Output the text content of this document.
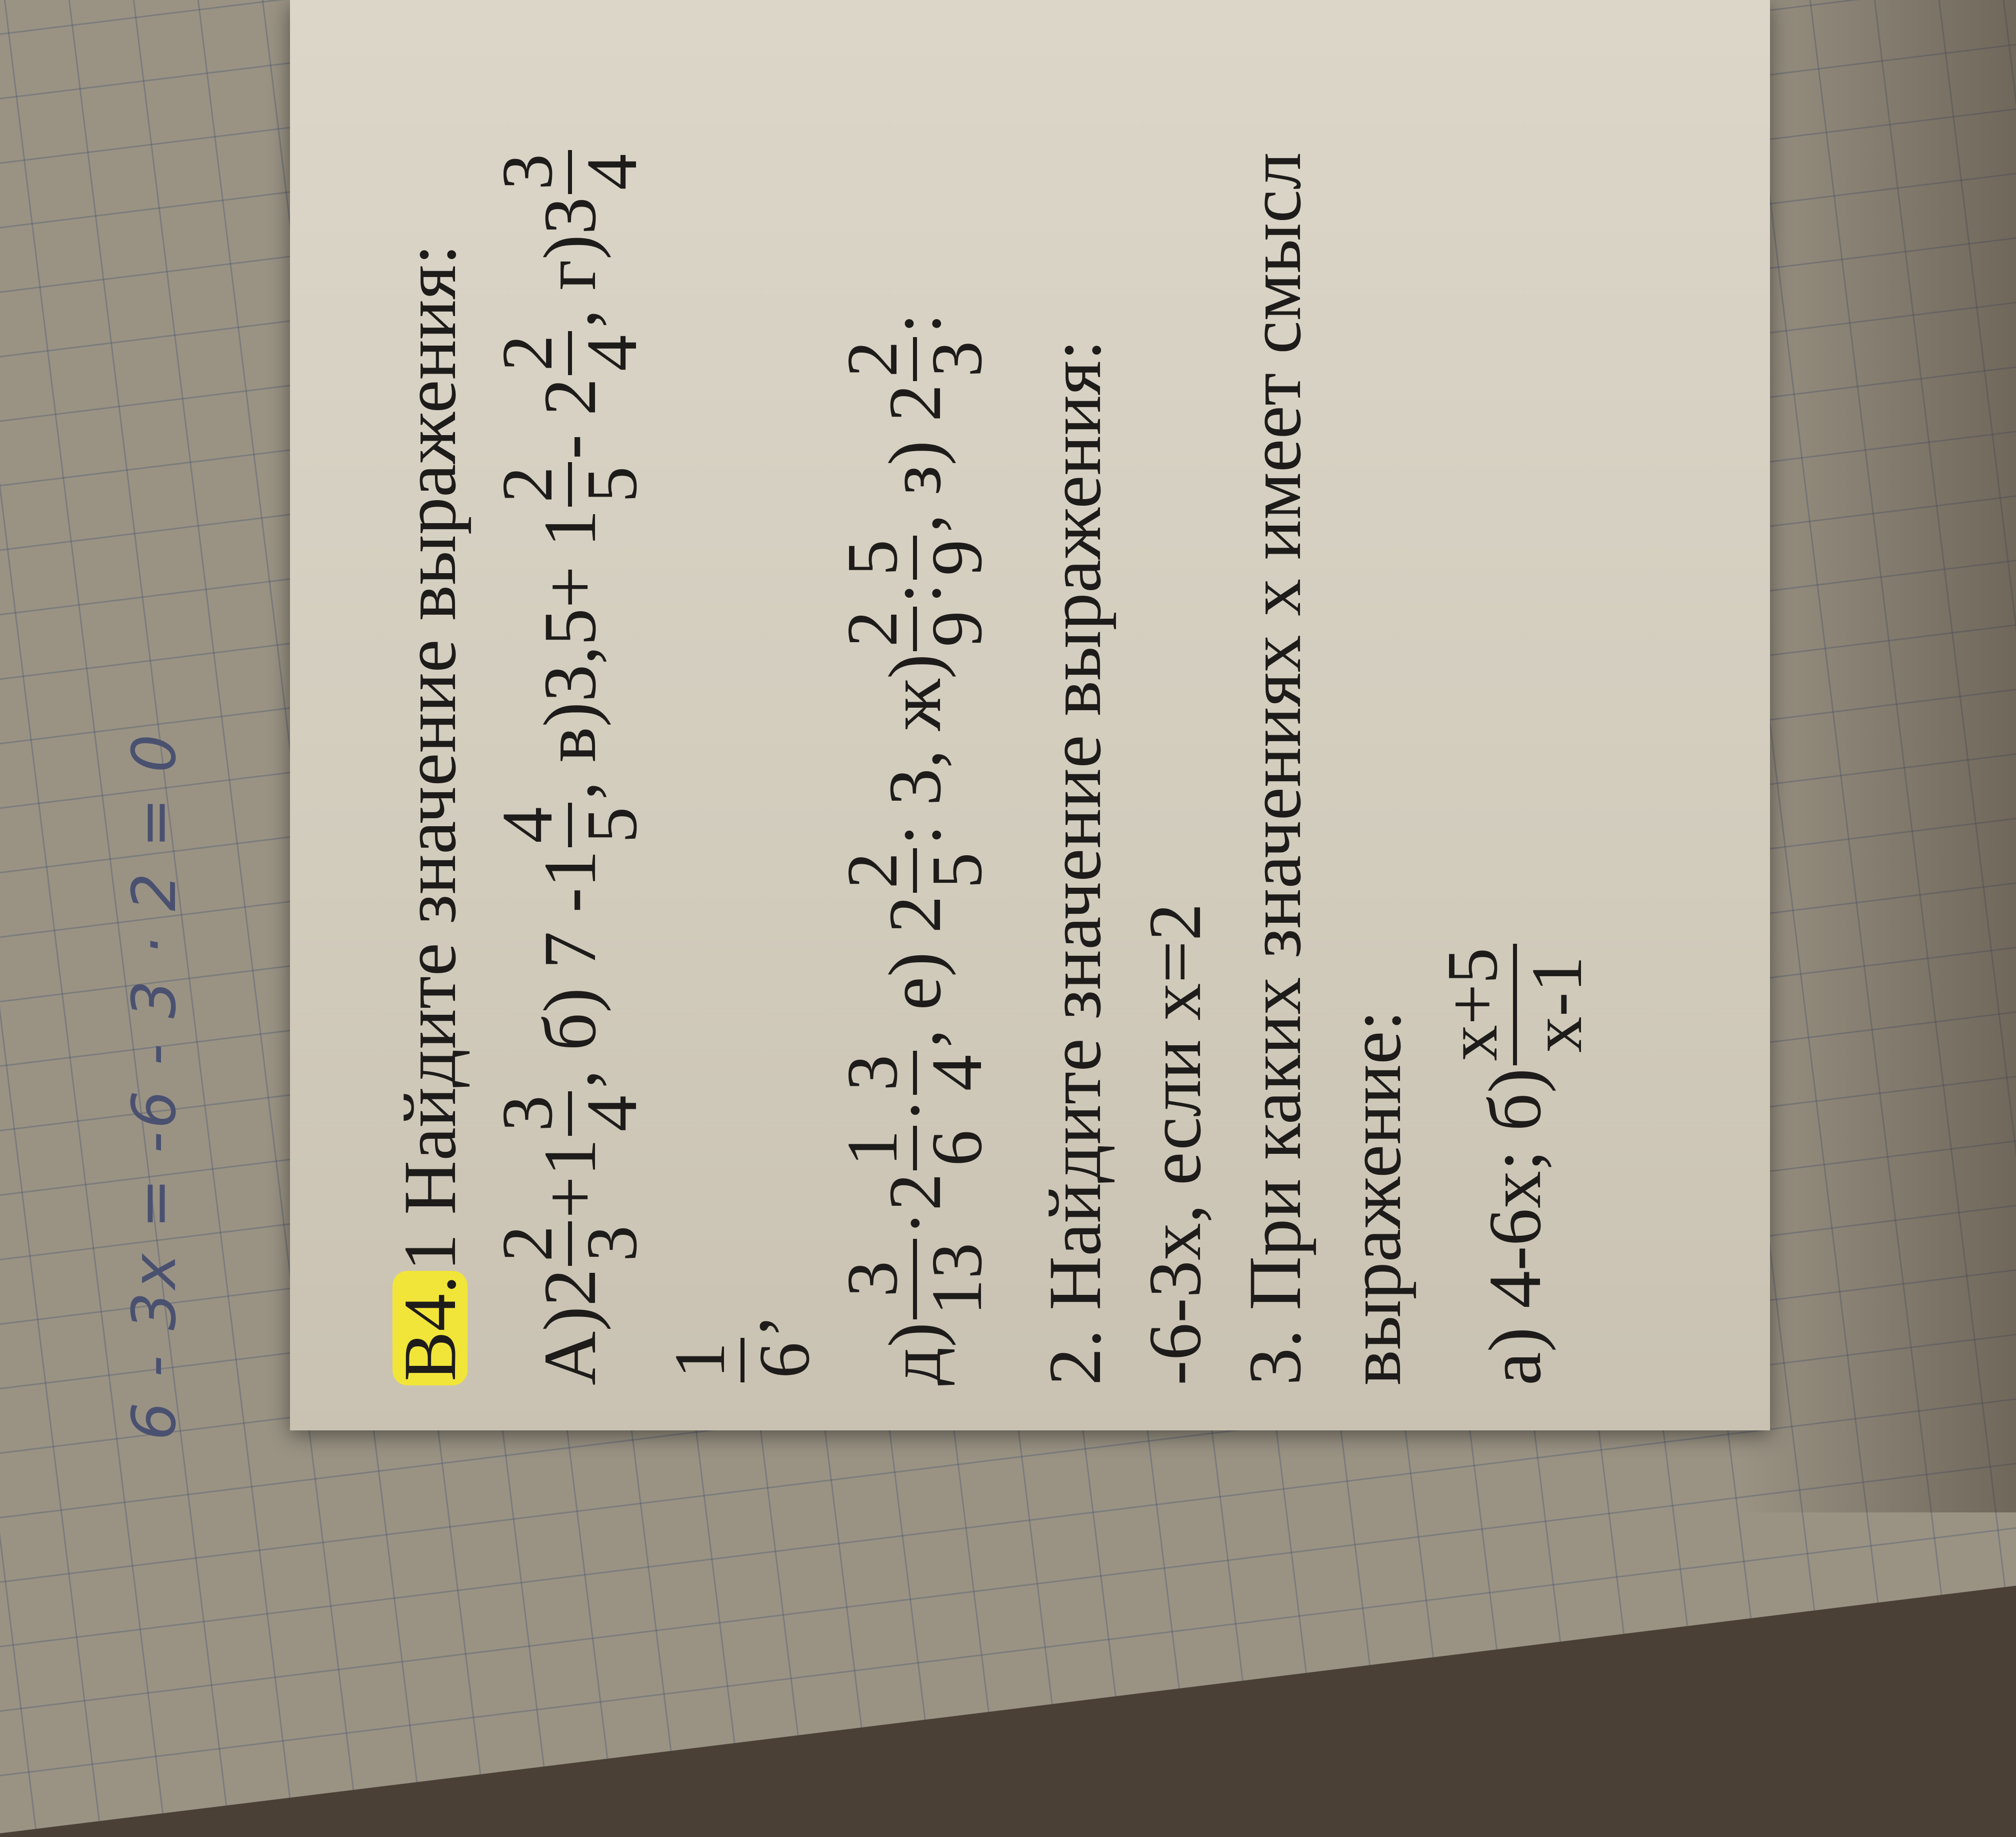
6 - 3x = -6 - 3 · 2 = 0	В4.
1 Найдите значение выражения:
А)
2
2 3
+1
3 4
, б) 7 -1
4 5
, в)3,5+ 1
2 5
- 2
2 4
, г)3
3 4
1 6
, д)
3 13
·2
1 6
·
3 4
, е) 2
2 5
: 3, ж)
2 9
:
5 9
, з) 2
2 3
:
2. Найдите значение выражения: -6-3х, если х=2 3. При каких значениях х имеет смысл выражение: а) 4-6х; б)
х+5 х-1
